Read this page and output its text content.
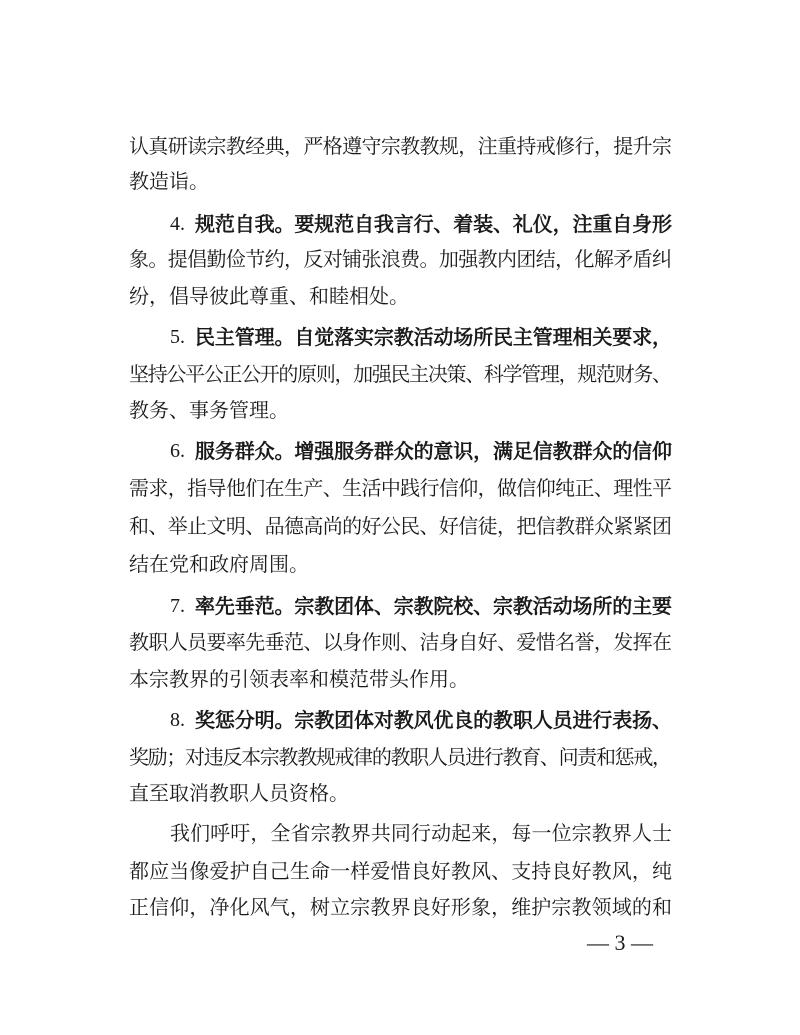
认真研读宗教经典，严格遵守宗教教规，注重持戒修行，提升宗
教造诣。
4. 规范自我。要规范自我言行、着装、礼仪，注重自身形
象。提倡勤俭节约，反对铺张浪费。加强教内团结，化解矛盾纠
纷，倡导彼此尊重、和睦相处。
5. 民主管理。自觉落实宗教活动场所民主管理相关要求，
坚持公平公正公开的原则，加强民主决策、科学管理，规范财务、
教务、事务管理。
6. 服务群众。增强服务群众的意识，满足信教群众的信仰
需求，指导他们在生产、生活中践行信仰，做信仰纯正、理性平
和、举止文明、品德高尚的好公民、好信徒，把信教群众紧紧团
结在党和政府周围。
7. 率先垂范。宗教团体、宗教院校、宗教活动场所的主要
教职人员要率先垂范、以身作则、洁身自好、爱惜名誉，发挥在
本宗教界的引领表率和模范带头作用。
8. 奖惩分明。宗教团体对教风优良的教职人员进行表扬、
奖励；对违反本宗教教规戒律的教职人员进行教育、问责和惩戒，
直至取消教职人员资格。
我们呼吁，全省宗教界共同行动起来，每一位宗教界人士
都应当像爱护自己生命一样爱惜良好教风、支持良好教风，纯
正信仰，净化风气，树立宗教界良好形象，维护宗教领域的和
— 3 —
